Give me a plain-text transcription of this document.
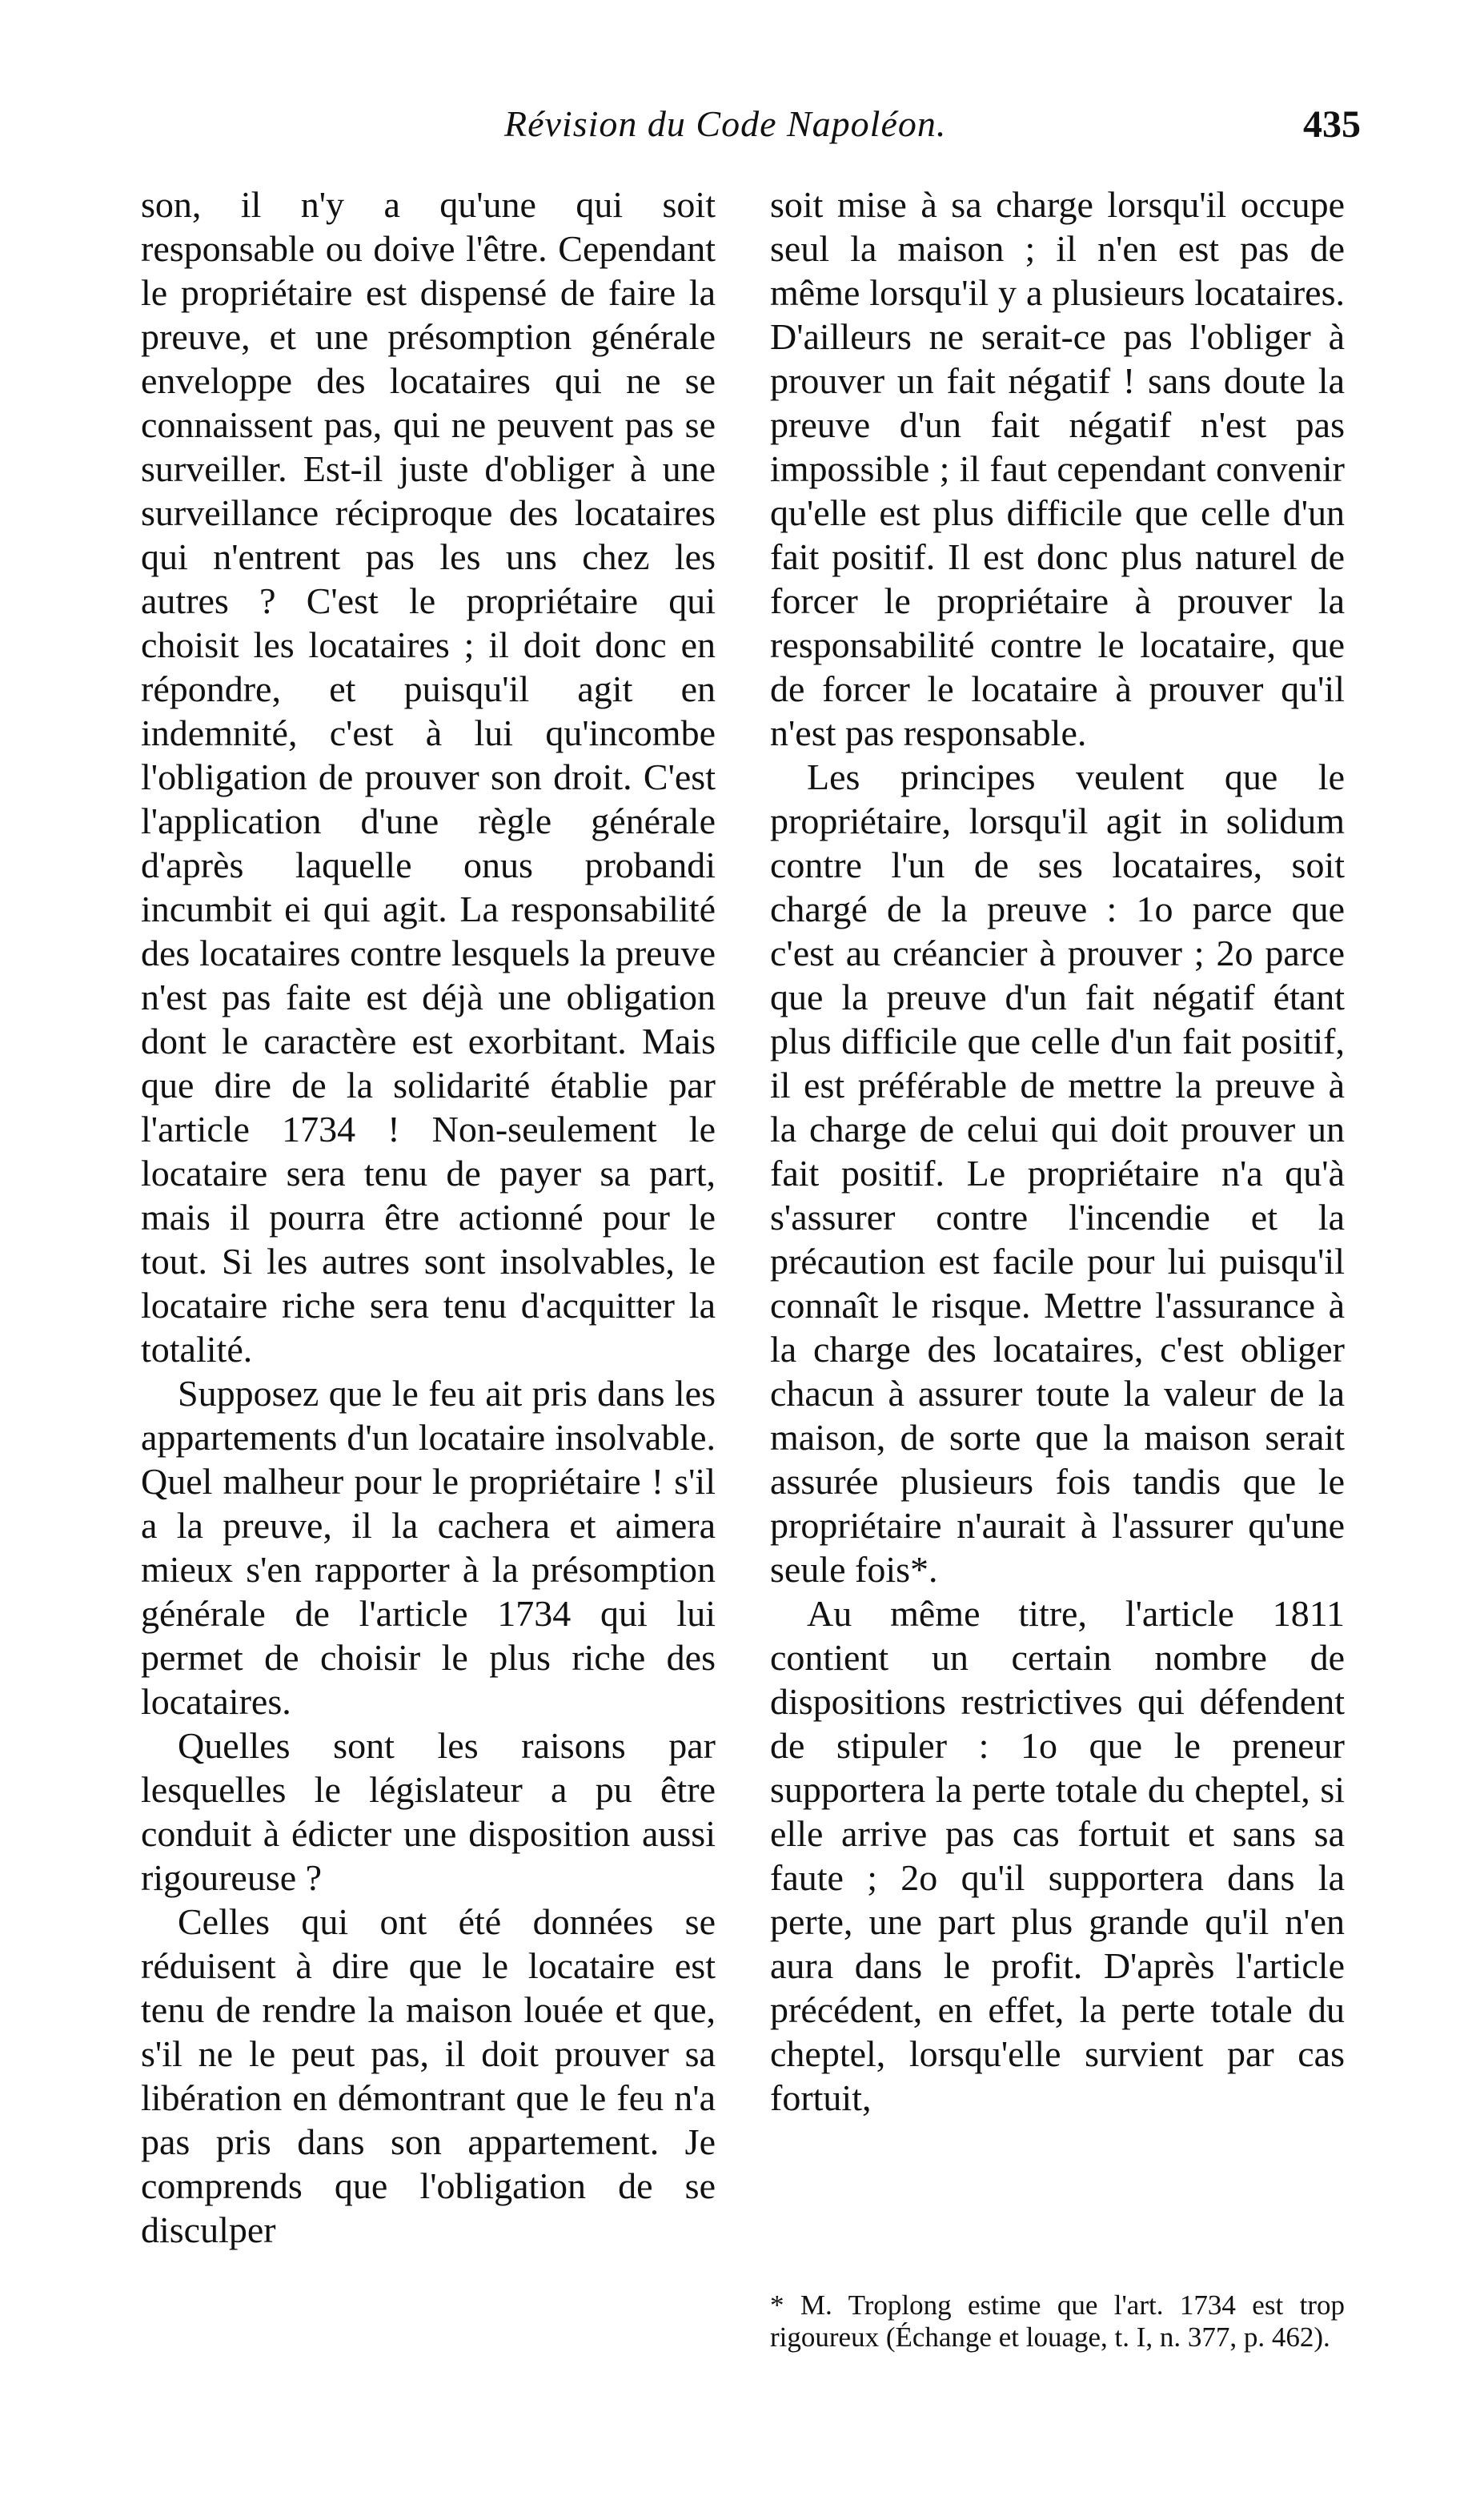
Révision du Code Napoléon.	435

son, il n'y a qu'une qui soit responsable ou doive l'être. Cependant le propriétaire est dispensé de faire la preuve, et une présomption générale enveloppe des locataires qui ne se connaissent pas, qui ne peuvent pas se surveiller. Est-il juste d'obliger à une surveillance réciproque des locataires qui n'entrent pas les uns chez les autres ? C'est le propriétaire qui choisit les locataires ; il doit donc en répondre, et puisqu'il agit en indemnité, c'est à lui qu'incombe l'obligation de prouver son droit. C'est l'application d'une règle générale d'après laquelle onus probandi incumbit ei qui agit. La responsabilité des locataires contre lesquels la preuve n'est pas faite est déjà une obligation dont le caractère est exorbitant. Mais que dire de la solidarité établie par l'article 1734 ! Non-seulement le locataire sera tenu de payer sa part, mais il pourra être actionné pour le tout. Si les autres sont insolvables, le locataire riche sera tenu d'acquitter la totalité.

Supposez que le feu ait pris dans les appartements d'un locataire insolvable. Quel malheur pour le propriétaire ! s'il a la preuve, il la cachera et aimera mieux s'en rapporter à la présomption générale de l'article 1734 qui lui permet de choisir le plus riche des locataires.

Quelles sont les raisons par lesquelles le législateur a pu être conduit à édicter une disposition aussi rigoureuse ?

Celles qui ont été données se réduisent à dire que le locataire est tenu de rendre la maison louée et que, s'il ne le peut pas, il doit prouver sa libération en démontrant que le feu n'a pas pris dans son appartement. Je comprends que l'obligation de se disculper

soit mise à sa charge lorsqu'il occupe seul la maison ; il n'en est pas de même lorsqu'il y a plusieurs locataires. D'ailleurs ne serait-ce pas l'obliger à prouver un fait négatif ! sans doute la preuve d'un fait négatif n'est pas impossible ; il faut cependant convenir qu'elle est plus difficile que celle d'un fait positif. Il est donc plus naturel de forcer le propriétaire à prouver la responsabilité contre le locataire, que de forcer le locataire à prouver qu'il n'est pas responsable.

Les principes veulent que le propriétaire, lorsqu'il agit in solidum contre l'un de ses locataires, soit chargé de la preuve : 1o parce que c'est au créancier à prouver ; 2o parce que la preuve d'un fait négatif étant plus difficile que celle d'un fait positif, il est préférable de mettre la preuve à la charge de celui qui doit prouver un fait positif. Le propriétaire n'a qu'à s'assurer contre l'incendie et la précaution est facile pour lui puisqu'il connaît le risque. Mettre l'assurance à la charge des locataires, c'est obliger chacun à assurer toute la valeur de la maison, de sorte que la maison serait assurée plusieurs fois tandis que le propriétaire n'aurait à l'assurer qu'une seule fois*.

Au même titre, l'article 1811 contient un certain nombre de dispositions restrictives qui défendent de stipuler : 1o que le preneur supportera la perte totale du cheptel, si elle arrive pas cas fortuit et sans sa faute ; 2o qu'il supportera dans la perte, une part plus grande qu'il n'en aura dans le profit. D'après l'article précédent, en effet, la perte totale du cheptel, lorsqu'elle survient par cas fortuit,

* M. Troplong estime que l'art. 1734 est trop rigoureux (Échange et louage, t. I, n. 377, p. 462).
